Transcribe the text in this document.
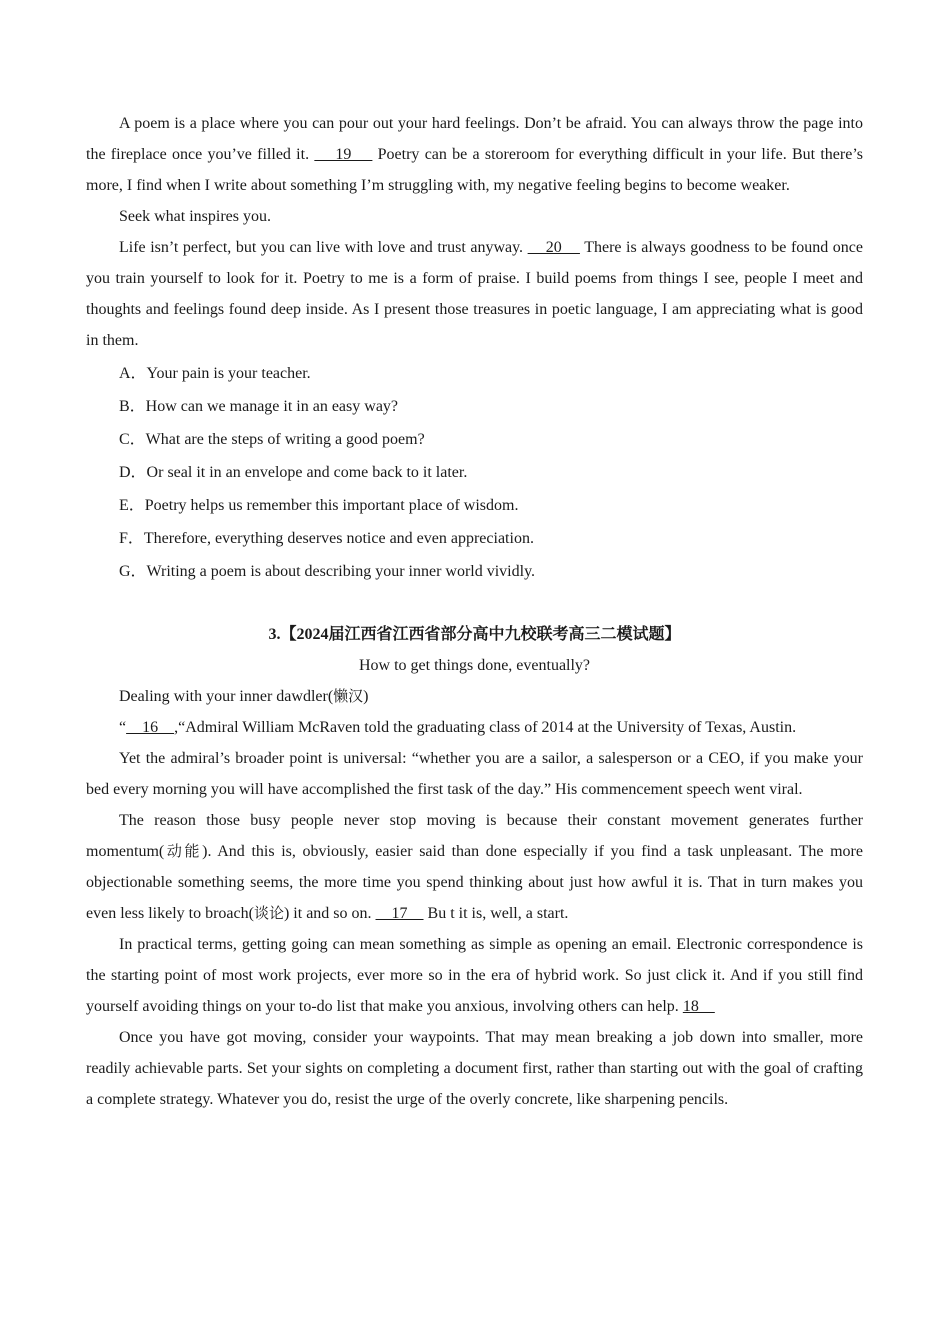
A poem is a place where you can pour out your hard feelings. Don’t be afraid. You can always throw the page into the fireplace once you’ve filled it.     19     Poetry can be a storeroom for everything difficult in your life. But there’s more, I find when I write about something I’m struggling with, my negative feeling begins to become weaker.

Seek what inspires you.

Life isn’t perfect, but you can live with love and trust anyway.     20     There is always goodness to be found once you train yourself to look for it. Poetry to me is a form of praise. I build poems from things I see, people I meet and thoughts and feelings found deep inside. As I present those treasures in poetic language, I am appreciating what is good in them.

A．Your pain is your teacher.

B．How can we manage it in an easy way?

C．What are the steps of writing a good poem?

D．Or seal it in an envelope and come back to it later.

E．Poetry helps us remember this important place of wisdom.

F．Therefore, everything deserves notice and even appreciation.

G．Writing a poem is about describing your inner world vividly.

3.【2024届江西省江西省部分高中九校联考高三二模试题】

How to get things done, eventually?

Dealing with your inner dawdler(懒汉)

“    16    ,“Admiral William McRaven told the graduating class of 2014 at the University of Texas, Austin.

Yet the admiral’s broader point is universal: “whether you are a sailor, a salesperson or a CEO, if you make your bed every morning you will have accomplished the first task of the day.” His commencement speech went viral.

The reason those busy people never stop moving is because their constant movement generates further momentum(动能). And this is, obviously, easier said than done especially if you find a task unpleasant. The more objectionable something seems, the more time you spend thinking about just how awful it is. That in turn makes you even less likely to broach(谈论) it and so on.     17     Bu t it is, well, a start.

In practical terms, getting going can mean something as simple as opening an email. Electronic correspondence is the starting point of most work projects, ever more so in the era of hybrid work. So just click it. And if you still find yourself avoiding things on your to-do list that make you anxious, involving others can help. 18

Once you have got moving, consider your waypoints. That may mean breaking a job down into smaller, more readily achievable parts. Set your sights on completing a document first, rather than starting out with the goal of crafting a complete strategy. Whatever you do, resist the urge of the overly concrete, like sharpening pencils.
